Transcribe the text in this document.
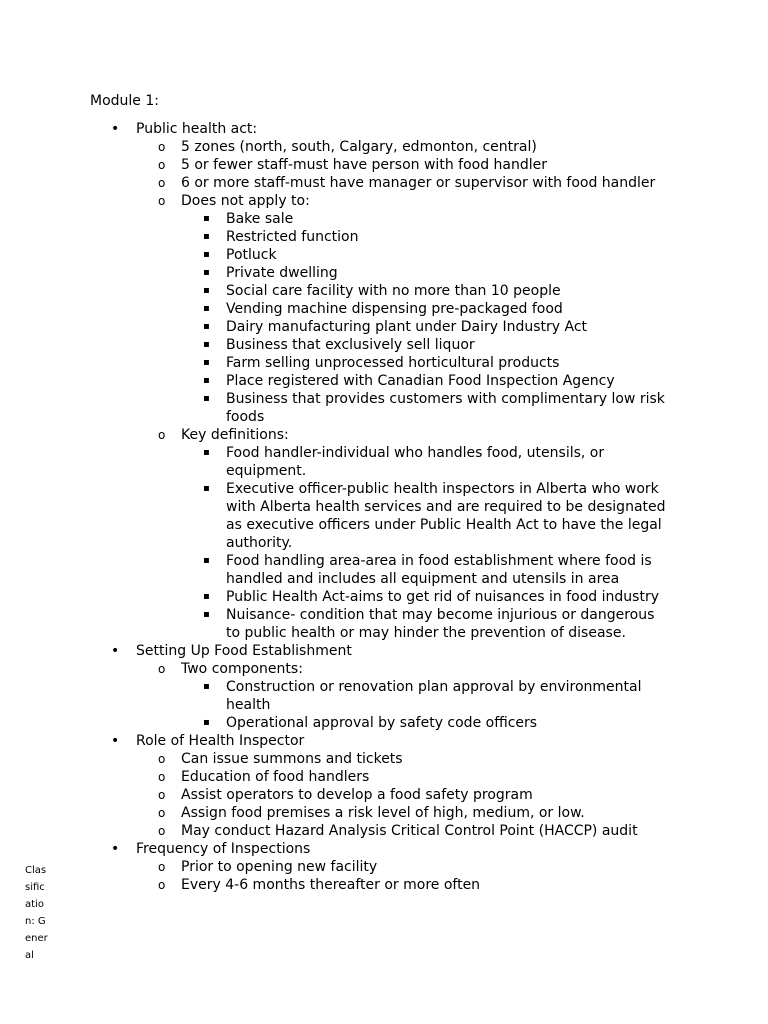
Module 1:
• Public health act:
o 5 zones (north, south, Calgary, edmonton, central)
o 5 or fewer staff-must have person with food handler
o 6 or more staff-must have manager or supervisor with food handler
o Does not apply to:
▪ Bake sale
▪ Restricted function
▪ Potluck
▪ Private dwelling
▪ Social care facility with no more than 10 people
▪ Vending machine dispensing pre-packaged food
▪ Dairy manufacturing plant under Dairy Industry Act
▪ Business that exclusively sell liquor
▪ Farm selling unprocessed horticultural products
▪ Place registered with Canadian Food Inspection Agency
▪ Business that provides customers with complimentary low risk foods
o Key definitions:
▪ Food handler-individual who handles food, utensils, or equipment.
▪ Executive officer-public health inspectors in Alberta who work with Alberta health services and are required to be designated as executive officers under Public Health Act to have the legal authority.
▪ Food handling area-area in food establishment where food is handled and includes all equipment and utensils in area
▪ Public Health Act-aims to get rid of nuisances in food industry
▪ Nuisance- condition that may become injurious or dangerous to public health or may hinder the prevention of disease.
• Setting Up Food Establishment
o Two components:
▪ Construction or renovation plan approval by environmental health
▪ Operational approval by safety code officers
• Role of Health Inspector
o Can issue summons and tickets
o Education of food handlers
o Assist operators to develop a food safety program
o Assign food premises a risk level of high, medium, or low.
o May conduct Hazard Analysis Critical Control Point (HACCP) audit
• Frequency of Inspections
o Prior to opening new facility
o Every 4-6 months thereafter or more often
Classification: General
